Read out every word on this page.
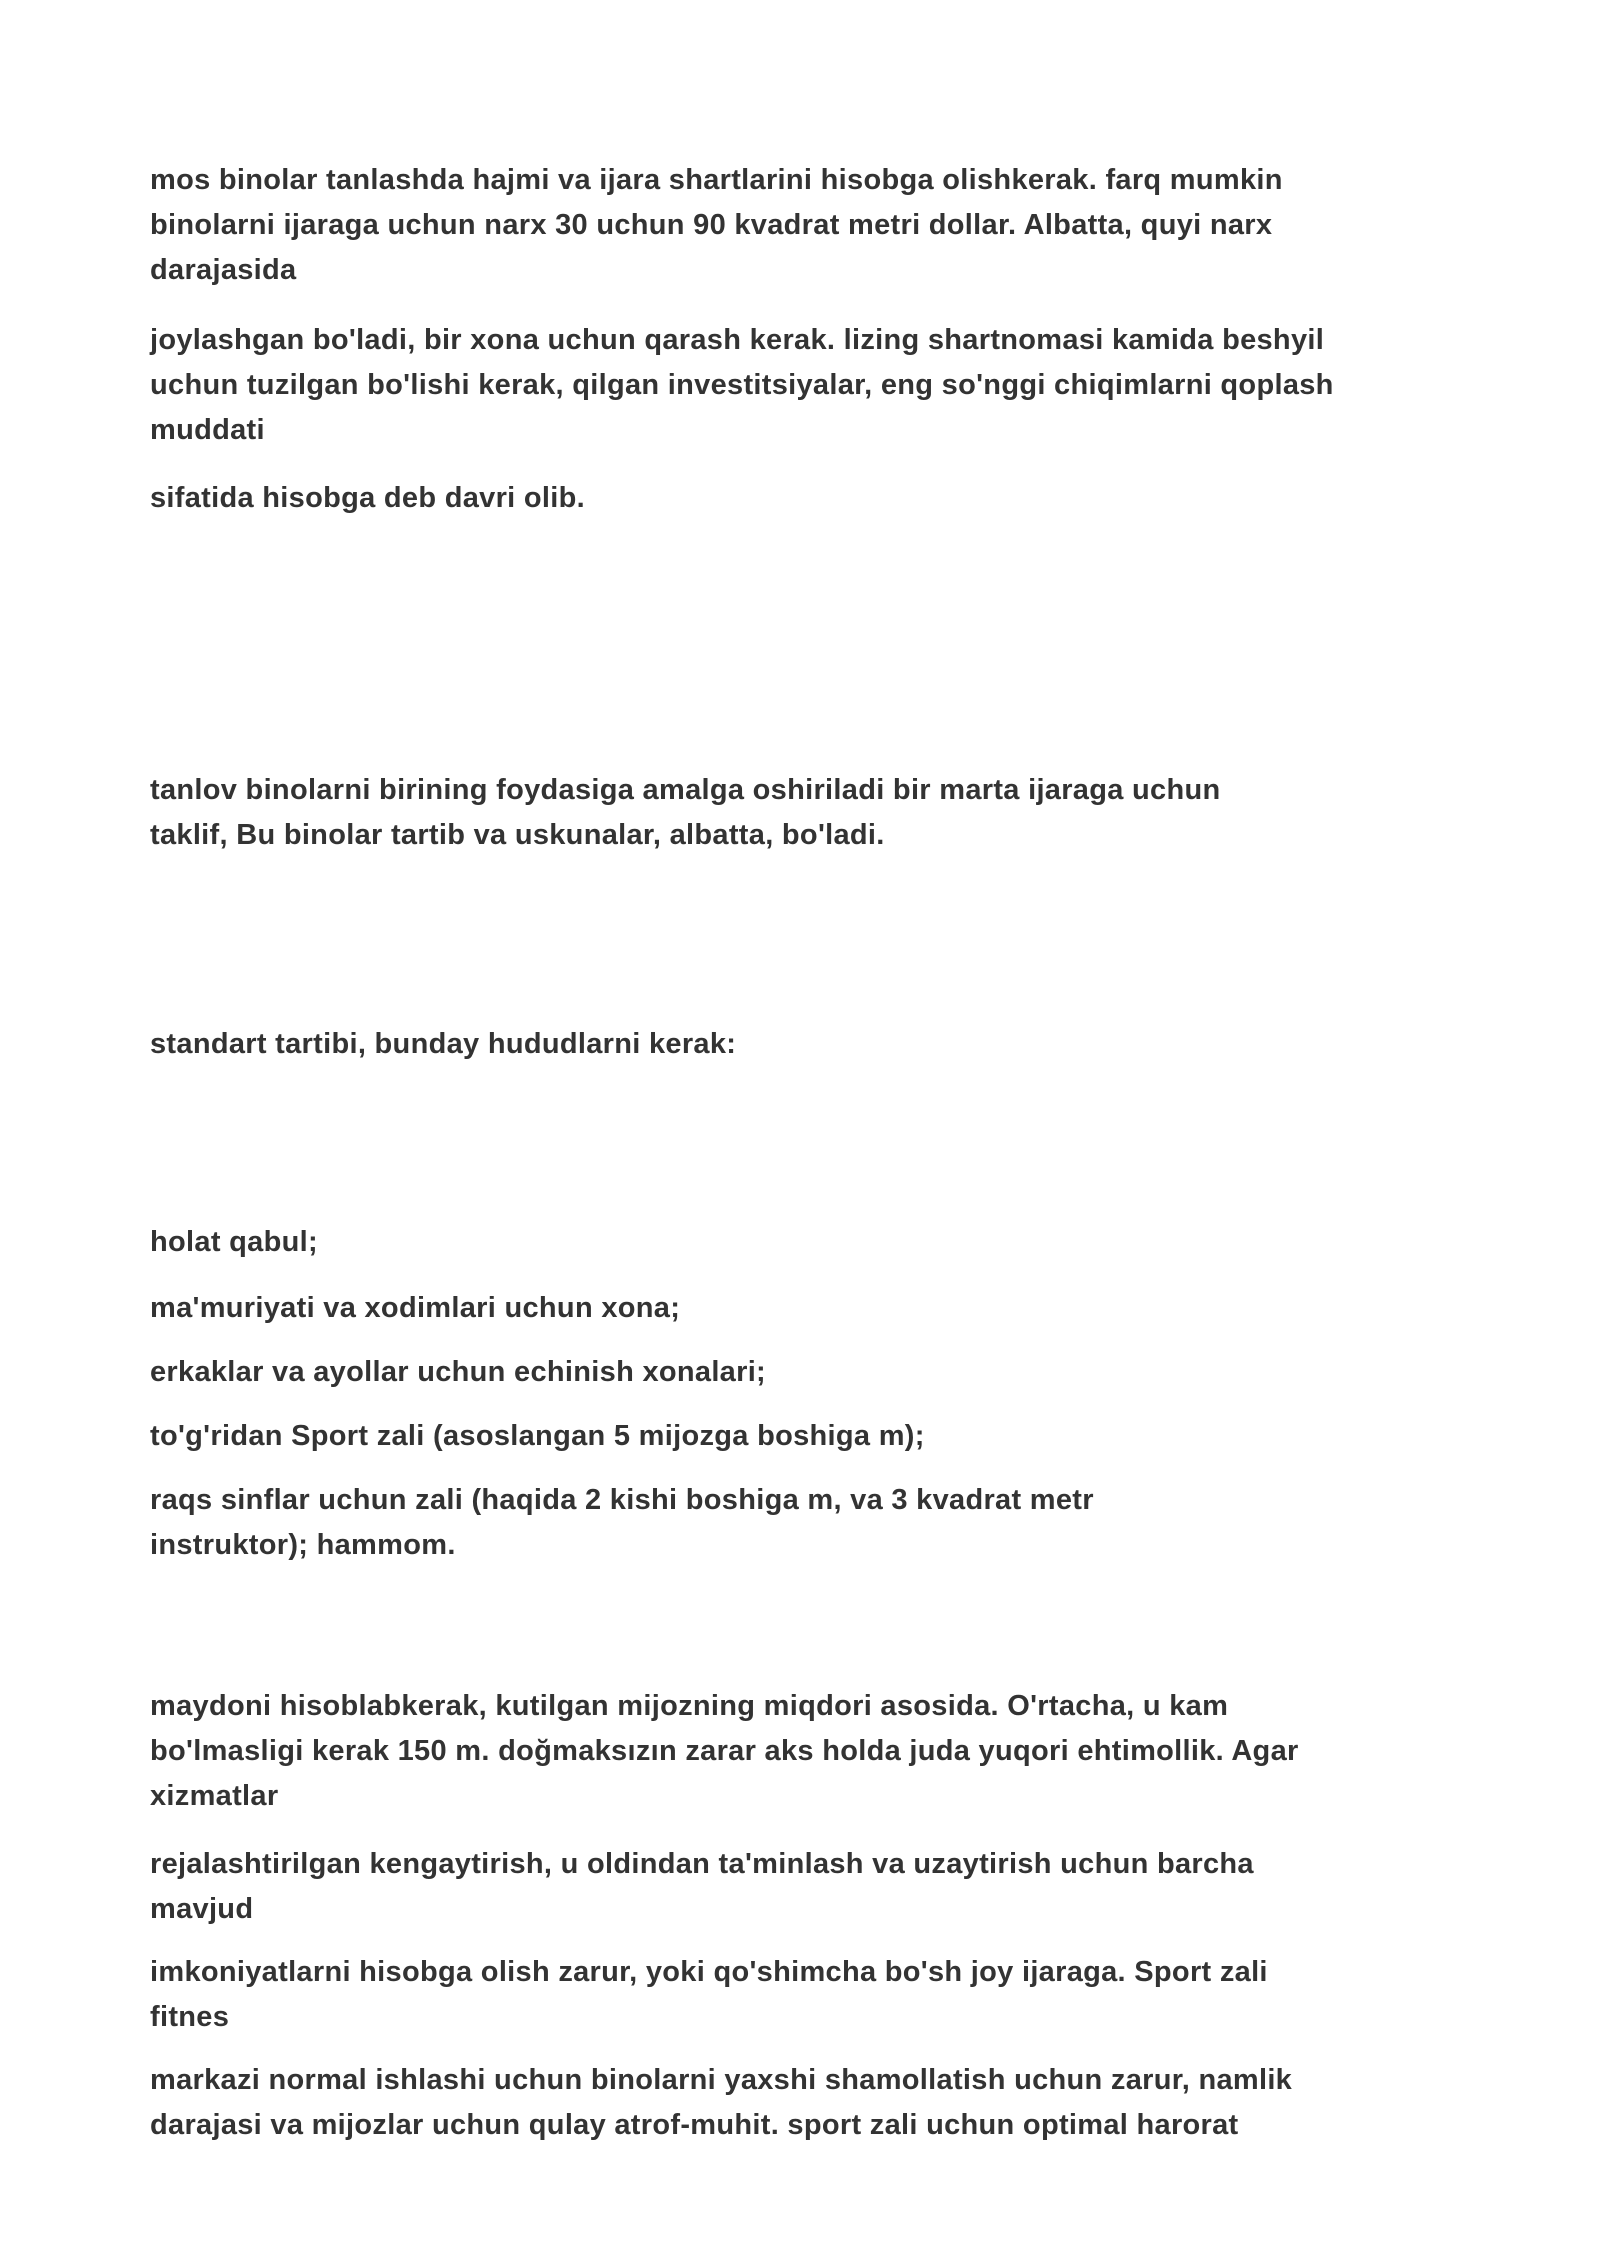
mos binolar tanlashda hajmi va ijara shartlarini hisobga olishkerak. farq mumkin
binolarni ijaraga uchun narx 30 uchun 90 kvadrat metri dollar. Albatta, quyi narx
darajasida

joylashgan bo'ladi, bir xona uchun qarash kerak. lizing shartnomasi kamida beshyil
uchun tuzilgan bo'lishi kerak, qilgan investitsiyalar, eng so'nggi chiqimlarni qoplash
muddati

sifatida hisobga deb davri olib.

tanlov binolarni birining foydasiga amalga oshiriladi bir marta ijaraga uchun
taklif, Bu binolar tartib va uskunalar, albatta, bo'ladi.

standart tartibi, bunday hududlarni kerak:

holat qabul;

ma'muriyati va xodimlari uchun xona;

erkaklar va ayollar uchun echinish xonalari;

to'g'ridan Sport zali (asoslangan 5 mijozga boshiga m);

raqs sinflar uchun zali (haqida 2 kishi boshiga m, va 3 kvadrat metr
instruktor); hammom.

maydoni hisoblabkerak, kutilgan mijozning miqdori asosida. O'rtacha, u kam
bo'lmasligi kerak 150 m. doğmaksızın zarar aks holda juda yuqori ehtimollik. Agar
xizmatlar

rejalashtirilgan kengaytirish, u oldindan ta'minlash va uzaytirish uchun barcha
mavjud

imkoniyatlarni hisobga olish zarur, yoki qo'shimcha bo'sh joy ijaraga. Sport zali
fitnes

markazi normal ishlashi uchun binolarni yaxshi shamollatish uchun zarur, namlik
darajasi va mijozlar uchun qulay atrof-muhit. sport zali uchun optimal harorat
